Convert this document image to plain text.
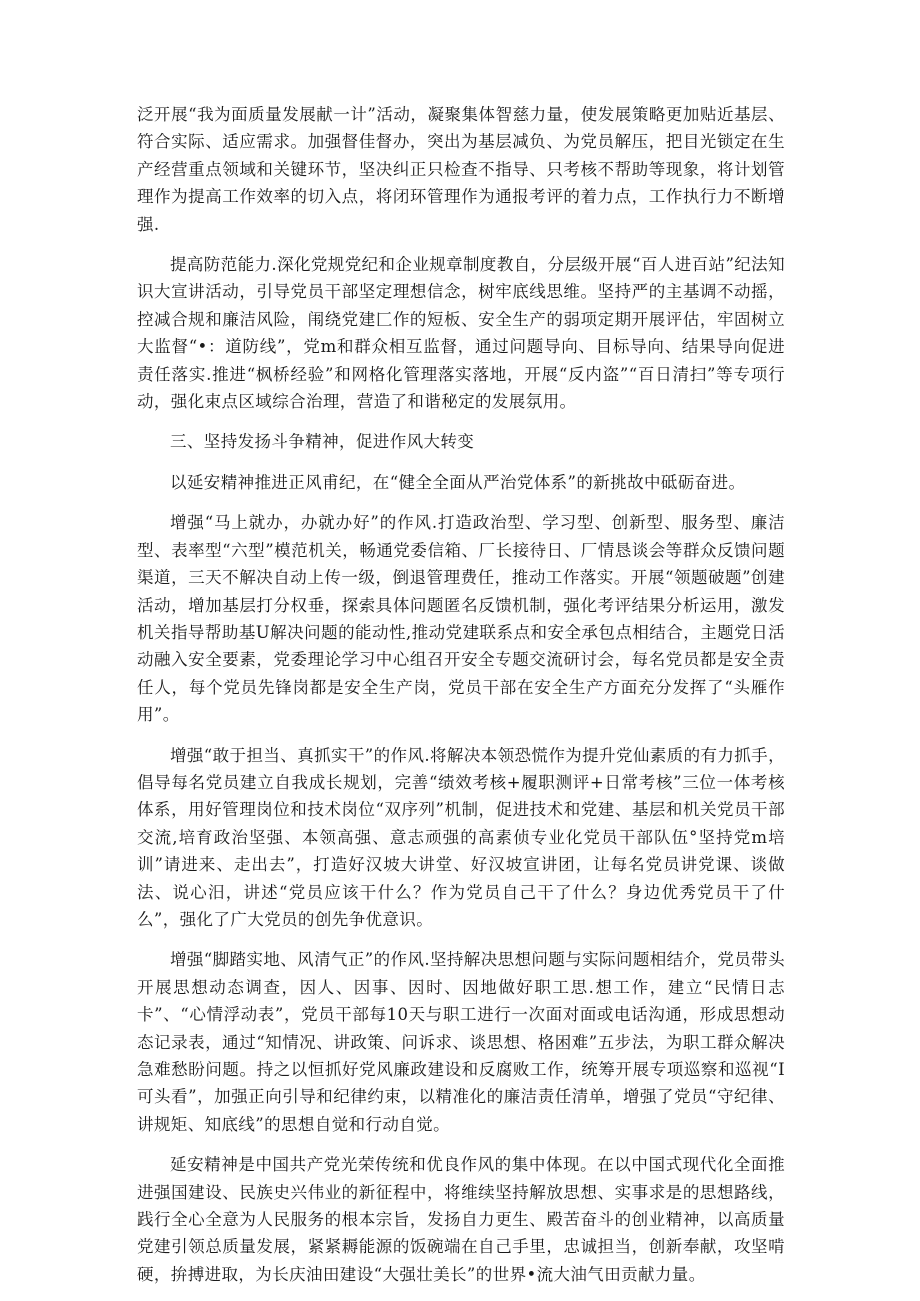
泛开展“我为面质量发展献一计”活动，凝聚集体智慈力量，使发展策略更加贴近基层、符合实际、适应需求。加强督佳督办，突出为基层减负、为党员解压，把目光锁定在生产经营重点领域和关键环节，坚决纠正只检查不指导、只考核不帮助等现象，将计划管理作为提高工作效率的切入点，将闭环管理作为通报考评的着力点，工作执行力不断增强.

提高防范能力.深化党规党纪和企业规章制度教自，分层级开展“百人进百站”纪法知识大宣讲活动，引导党员干部坚定理想信念，树牢底线思维。坚持严的主基调不动摇，控减合规和廉洁风险，闱绕党建匚作的短板、安全生产的弱项定期开展评估，牢固树立大监督“•：道防线”，党m和群众相互监督，通过问题导向、目标导向、结果导向促进责任落实.推进“枫桥经验”和网格化管理落实落地，开展“反内盗”“百日清扫”等专项行动，强化束点区域综合治理，营造了和谐秘定的发展氛用。

三、坚持发扬斗争精神，促进作风大转变

以延安精神推进正风甫纪，在“健全全面从严治党体系”的新挑故中砥砺奋进。

增强“马上就办，办就办好”的作风.打造政治型、学习型、创新型、服务型、廉洁型、表率型“六型”模范机关，畅通党委信箱、厂长接待日、厂情恳谈会等群众反馈问题渠道，三天不解决自动上传一级，倒退管理费任，推动工作落实。开展“领题破题”创建活动，增加基层打分权垂，探索具体问题匿名反馈机制，强化考评结果分析运用，激发机关指导帮助基U解决问题的能动性,推动党建联系点和安全承包点相结合，主题党日活动融入安全要素，党委理论学习中心组召开安全专题交流研讨会，每名党员都是安全责任人，每个党员先锋岗都是安全生产岗，党员干部在安全生产方面充分发挥了“头雁作用”。

增强“敢于担当、真抓实干”的作风.将解决本领恐慌作为提升党仙素质的有力抓手，倡导每名党员建立自我成长规划，完善“绩效考核+履职测评+日常考核”三位一体考核体系，用好管理岗位和技术岗位“双序列”机制，促进技术和党建、基层和机关党员干部交流,培育政治坚强、本领高强、意志顽强的高素侦专业化党员干部队伍°坚持党m培训”请进来、走出去”，打造好汉坡大讲堂、好汉坡宣讲团，让每名党员讲党课、谈做法、说心汨，讲述“党员应该干什么？作为党员自己干了什么？身边优秀党员干了什么”，强化了广大党员的创先争优意识。

增强“脚踏实地、风清气正”的作风.坚持解决思想问题与实际问题相结介，党员带头开展思想动态调查，因人、因事、因时、因地做好职工思.想工作，建立“民情日志卡”、“心情浮动表”，党员干部每10天与职工进行一次面对面或电话沟通，形成思想动态记录表，通过“知情况、讲政策、问诉求、谈思想、格困难”五步法，为职工群众解决急难愁盼问题。持之以恒抓好党风廉政建设和反腐败工作，统筹开展专项巡察和巡视“I可头看”，加强正向引导和纪律约束，以精准化的廉洁责任清单，增强了党员“守纪律、讲规矩、知底线”的思想自觉和行动自觉。

延安精神是中国共产党光荣传统和优良作风的集中体现。在以中国式现代化全面推进强国建设、民族史兴伟业的新征程中，将维续坚持解放思想、实事求是的思想路线，践行全心全意为人民服务的根本宗旨，发扬自力更生、殿苦奋斗的创业精神，以高质量党建引领总质量发展，紧紧耨能源的饭碗端在自己手里，忠诚担当，创新奉献，攻坚啃硬，拚搏进取，为长庆油田建设“大强壮美长”的世界•流大油气田贡献力量。
